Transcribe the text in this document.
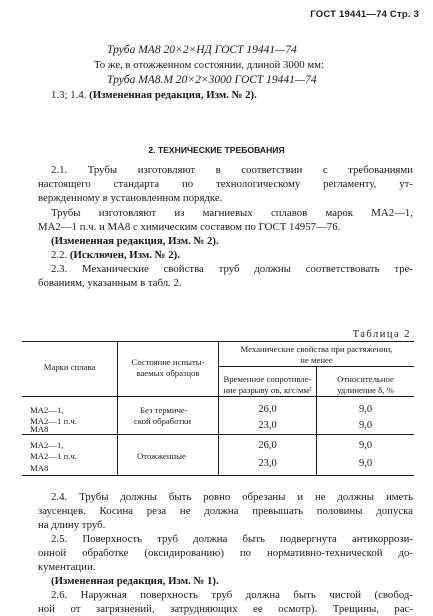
ГОСТ 19441—74 Стр. 3
Труба МА8 20×2×НД ГОСТ 19441—74
То же, в отожженном состоянии, длиной 3000 мм:
Труба МА8.М 20×2×3000 ГОСТ 19441—74
1.3; 1.4. (Измененная редакция, Изм. № 2).
2. ТЕХНИЧЕСКИЕ ТРЕБОВАНИЯ
2.1. Трубы изготовляют в соответствии с требованиями
настоящего стандарта по технологическому регламенту, ут-
вержденному в установленном порядке.
Трубы изготовляют из магниевых сплавов марок МА2—1,
МА2—1 п.ч. и МА8 с химическим составом по ГОСТ 14957—76.
(Измененная редакция, Изм. № 2).
2.2. (Исключен, Изм. № 2).
2.3. Механические свойства труб должны соответствовать тре-
бованиям, указанным в табл. 2.
Таблица 2
Марки сплава	Состояние испыты-
ваемых образцов
Механические свойства при растяжении,
не менее
Временное сопротивле-
ние разрыву σв, кгс/мм²
Относительное
удлинение δ, %
МА2—1,
МА2—1 п.ч.
МА8
Без термиче-
ской обработки
26,0
23,0
9,0
9,0
МА2—1,
МА2—1 п.ч.
МА8
Отожженные
26,0
23,0
9,0
9,0
2.4. Трубы должны быть ровно обрезаны и не должны иметь
заусенцев. Косина реза не должна превышать половины допуска
на длину труб.
2.5. Поверхность труб должна быть подвергнута антикоррози-
онной обработке (оксидированию) по нормативно-технической до-
кументации.
(Измененная редакция, Изм. № 1).
2.6. Наружная поверхность труб должна быть чистой (свобод-
ной от загрязнений, затрудняющих ее осмотр). Трещины, рас-
